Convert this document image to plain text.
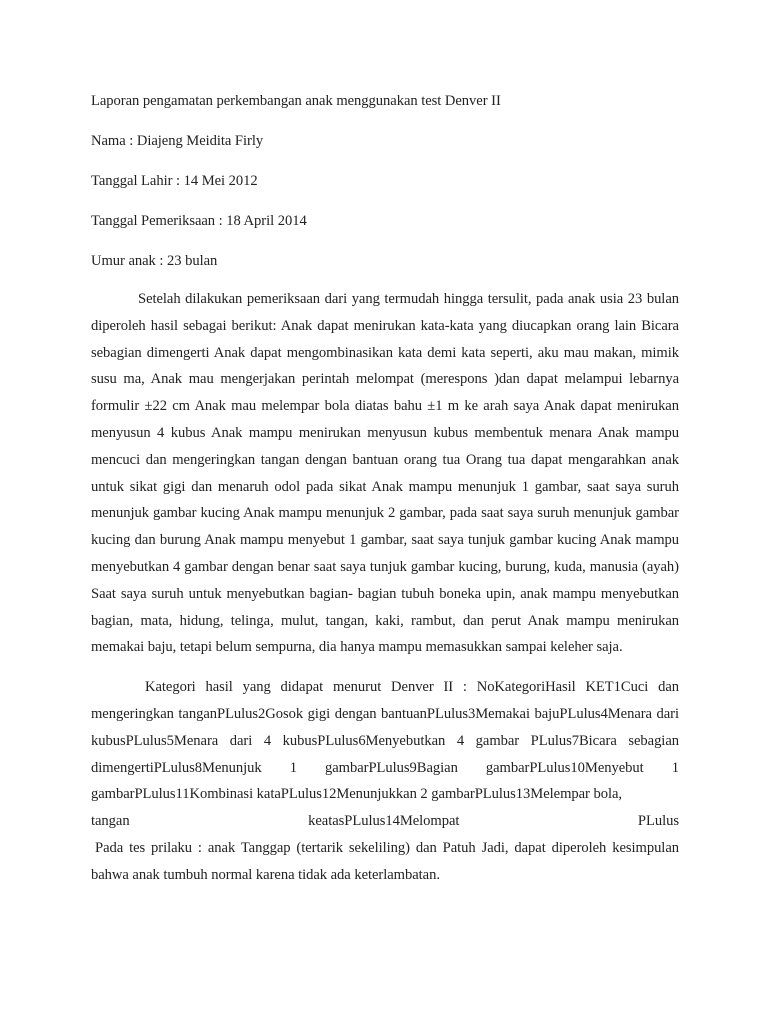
Laporan pengamatan perkembangan anak menggunakan test Denver II

Nama : Diajeng Meidita Firly

Tanggal Lahir : 14 Mei 2012

Tanggal Pemeriksaan : 18 April 2014

Umur anak : 23 bulan

Setelah dilakukan pemeriksaan dari yang termudah hingga tersulit, pada anak usia 23 bulan diperoleh hasil sebagai berikut: Anak dapat menirukan kata-kata yang diucapkan orang lain Bicara sebagian dimengerti Anak dapat mengombinasikan kata demi kata seperti, aku mau makan, mimik susu ma, Anak mau mengerjakan perintah melompat (merespons )dan dapat melampui lebarnya formulir ±22 cm Anak mau melempar bola diatas bahu ±1 m ke arah saya Anak dapat menirukan menyusun 4 kubus Anak mampu menirukan menyusun kubus membentuk menara Anak mampu mencuci dan mengeringkan tangan dengan bantuan orang tua Orang tua dapat mengarahkan anak untuk sikat gigi dan menaruh odol pada sikat Anak mampu menunjuk 1 gambar, saat saya suruh menunjuk gambar kucing Anak mampu menunjuk 2 gambar, pada saat saya suruh menunjuk gambar kucing dan burung Anak mampu menyebut 1 gambar, saat saya tunjuk gambar kucing Anak mampu menyebutkan 4 gambar dengan benar saat saya tunjuk gambar kucing, burung, kuda, manusia (ayah) Saat saya suruh untuk menyebutkan bagian- bagian tubuh boneka upin, anak mampu menyebutkan bagian, mata, hidung, telinga, mulut, tangan, kaki, rambut, dan perut Anak mampu menirukan memakai baju, tetapi belum sempurna, dia hanya mampu memasukkan sampai keleher saja.

Kategori hasil yang didapat menurut Denver II : NoKategoriHasil KET1Cuci dan mengeringkan tanganPLulus2Gosok gigi dengan bantuanPLulus3Memakai bajuPLulus4Menara dari kubusPLulus5Menara dari 4 kubusPLulus6Menyebutkan 4 gambar PLulus7Bicara sebagian dimengertiPLulus8Menunjuk 1 gambarPLulus9Bagian gambarPLulus10Menyebut 1 gambarPLulus11Kombinasi kataPLulus12Menunjukkan 2 gambarPLulus13Melempar bola,

tangan keatasPLulus14Melompat PLulus

Pada tes prilaku : anak Tanggap (tertarik sekeliling) dan Patuh Jadi, dapat diperoleh kesimpulan bahwa anak tumbuh normal karena tidak ada keterlambatan.
